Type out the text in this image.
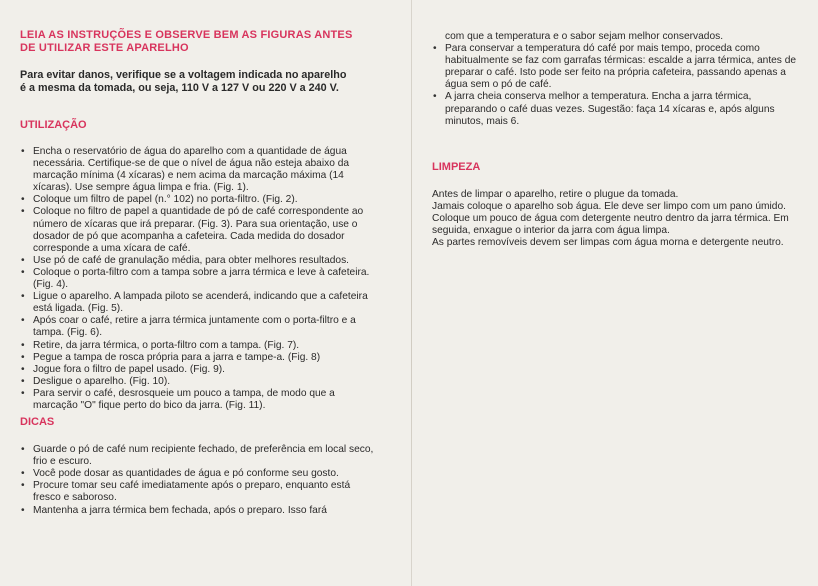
LEIA AS INSTRUÇÕES E OBSERVE BEM AS FIGURAS ANTES
DE UTILIZAR ESTE APARELHO

Para evitar danos, verifique se a voltagem indicada no aparelho
é a mesma da tomada, ou seja, 110 V a 127 V ou 220 V a 240 V.

UTILIZAÇÃO

• Encha o reservatório de água do aparelho com a quantidade de água necessária. Certifique-se de que o nível de água não esteja abaixo da marcação mínima (4 xícaras) e nem acima da marcação máxima (14 xícaras). Use sempre água limpa e fria. (Fig. 1).
• Coloque um filtro de papel (n.° 102) no porta-filtro. (Fig. 2).
• Coloque no filtro de papel a quantidade de pó de café correspondente ao número de xícaras que irá preparar. (Fig. 3). Para sua orientação, use o dosador de pó que acompanha a cafeteira. Cada medida do dosador corresponde a uma xícara de café.
• Use pó de café de granulação média, para obter melhores resultados.
• Coloque o porta-filtro com a tampa sobre a jarra térmica e leve à cafeteira. (Fig. 4).
• Ligue o aparelho. A lampada piloto se acenderá, indicando que a cafeteira está ligada. (Fig. 5).
• Após coar o café, retire a jarra térmica juntamente com o porta-filtro e a tampa. (Fig. 6).
• Retire, da jarra térmica, o porta-filtro com a tampa. (Fig. 7).
• Pegue a tampa de rosca própria para a jarra e tampe-a. (Fig. 8)
• Jogue fora o filtro de papel usado. (Fig. 9).
• Desligue o aparelho. (Fig. 10).
• Para servir o café, desrosqueie um pouco a tampa, de modo que a marcação "O" fique perto do bico da jarra. (Fig. 11).

DICAS

• Guarde o pó de café num recipiente fechado, de preferência em local seco, frio e escuro.
• Você pode dosar as quantidades de água e pó conforme seu gosto.
• Procure tomar seu café imediatamente após o preparo, enquanto está fresco e saboroso.
• Mantenha a jarra térmica bem fechada, após o preparo. Isso fará

com que a temperatura e o sabor sejam melhor conservados.

• Para conservar a temperatura dó café por mais tempo, proceda como habitualmente se faz com garrafas térmicas: escalde a jarra térmica, antes de preparar o café. Isto pode ser feito na própria cafeteira, passando apenas a água sem o pó de café.
• A jarra cheia conserva melhor a temperatura. Encha a jarra térmica, preparando o café duas vezes. Sugestão: faça 14 xícaras e, após alguns minutos, mais 6.

LIMPEZA

Antes de limpar o aparelho, retire o plugue da tomada.

Jamais coloque o aparelho sob água. Ele deve ser limpo com um pano úmido.

Coloque um pouco de água com detergente neutro dentro da jarra térmica. Em seguida, enxague o interior da jarra com água limpa.

As partes removíveis devem ser limpas com água morna e detergente neutro.
